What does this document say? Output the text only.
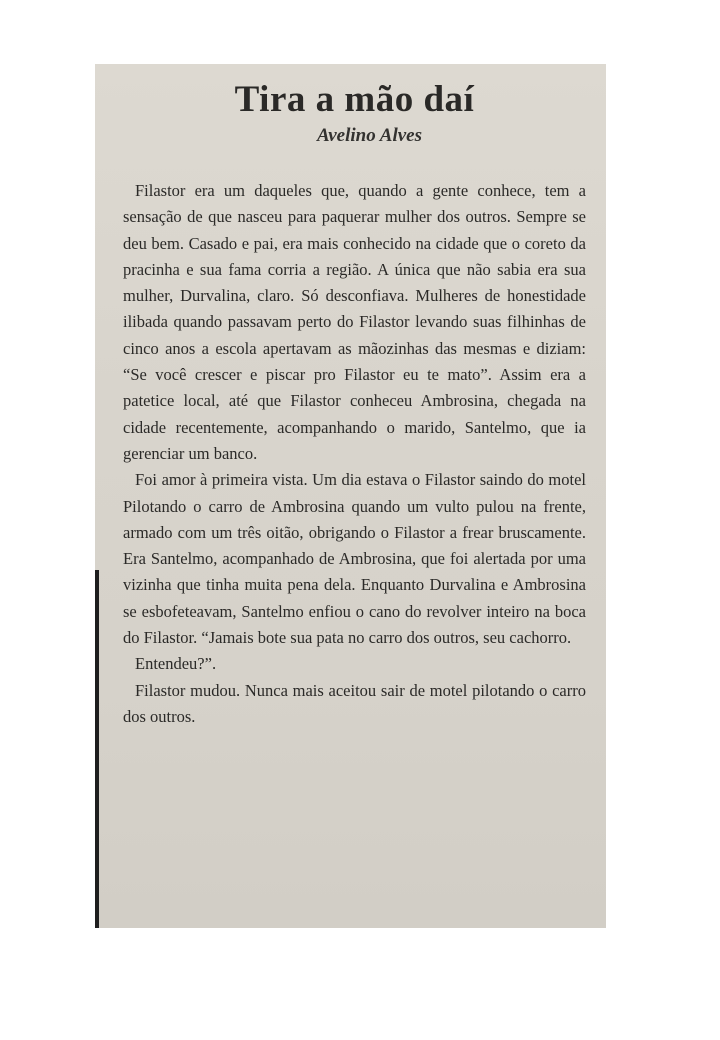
Tira a mão daí
Avelino Alves

Filastor era um daqueles que, quando a gente conhece, tem a sensação de que nasceu para paquerar mulher dos outros. Sempre se deu bem. Casado e pai, era mais conhecido na cidade que o coreto da pracinha e sua fama corria a região. A única que não sabia era sua mulher, Durvalina, claro. Só desconfiava. Mulheres de honestidade ilibada quando passavam perto do Filastor levando suas filhinhas de cinco anos a escola apertavam as mãozinhas das mesmas e diziam: “Se você crescer e piscar pro Filastor eu te mato”. Assim era a patetice local, até que Filastor conheceu Ambrosina, chegada na cidade recentemente, acompanhando o marido, Santelmo, que ia gerenciar um banco.

Foi amor à primeira vista. Um dia estava o Filastor saindo do motel Pilotando o carro de Ambrosina quando um vulto pulou na frente, armado com um três oitão, obrigando o Filastor a frear bruscamente. Era Santelmo, acompanhado de Ambrosina, que foi alertada por uma vizinha que tinha muita pena dela. Enquanto Durvalina e Ambrosina se esbofeteavam, Santelmo enfiou o cano do revolver inteiro na boca do Filastor. “Jamais bote sua pata no carro dos outros, seu cachorro.

Entendeu?”.

Filastor mudou. Nunca mais aceitou sair de motel pilotando o carro dos outros.
